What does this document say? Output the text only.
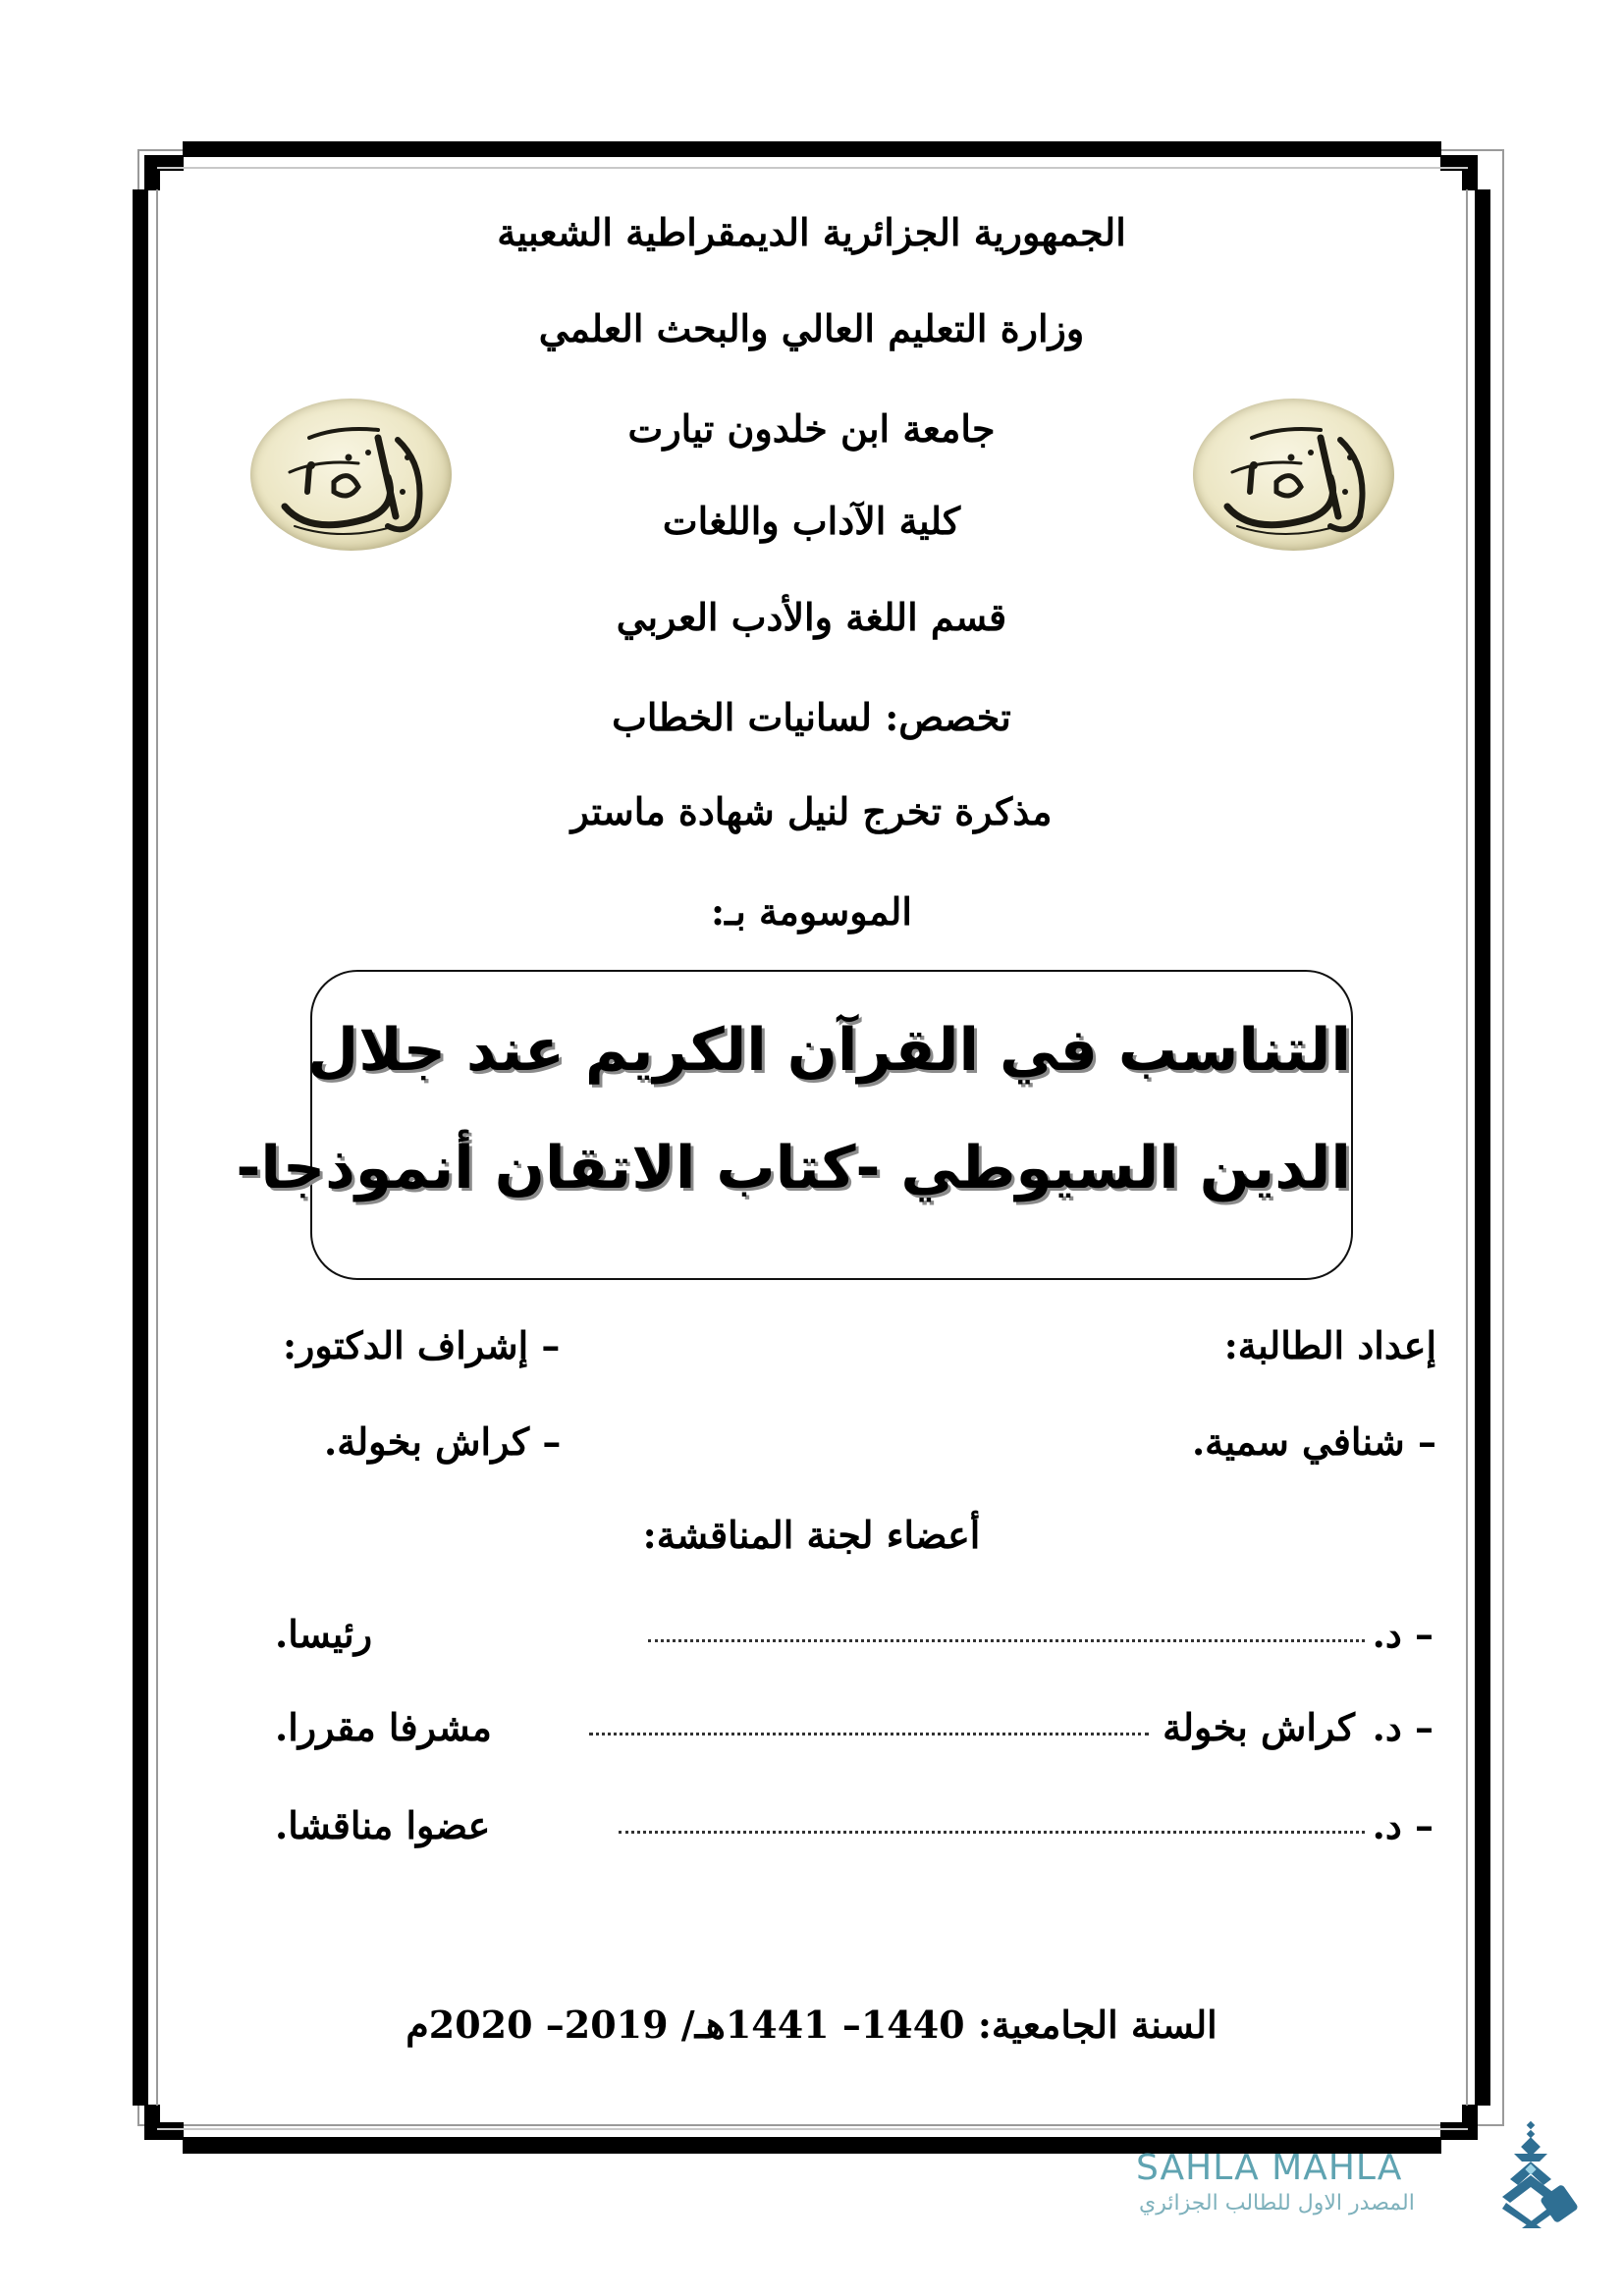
الجمهورية الجزائرية الديمقراطية الشعبية
وزارة التعليم العالي والبحث العلمي
جامعة ابن خلدون تيارت
كلية الآداب واللغات
قسم اللغة والأدب العربي
تخصص: لسانيات الخطاب
مذكرة تخرج لنيل شهادة ماستر
الموسومة بـ:
التناسب في القرآن الكريم عند جلال
الدين السيوطي -كتاب الاتقان أنموذجا-
إعداد الطالبة:
– شنافي سمية.
– إشراف الدكتور:
– كراش بخولة.
أعضاء لجنة المناقشة:
– د.
رئيسا.
– د.
كراش بخولة
مشرفا مقررا.
– د.
عضوا مناقشا.
السنة الجامعية: 1440– 1441هـ/ 2019– 2020م
SAHLA MAHLA
المصدر الاول للطالب الجزائري
